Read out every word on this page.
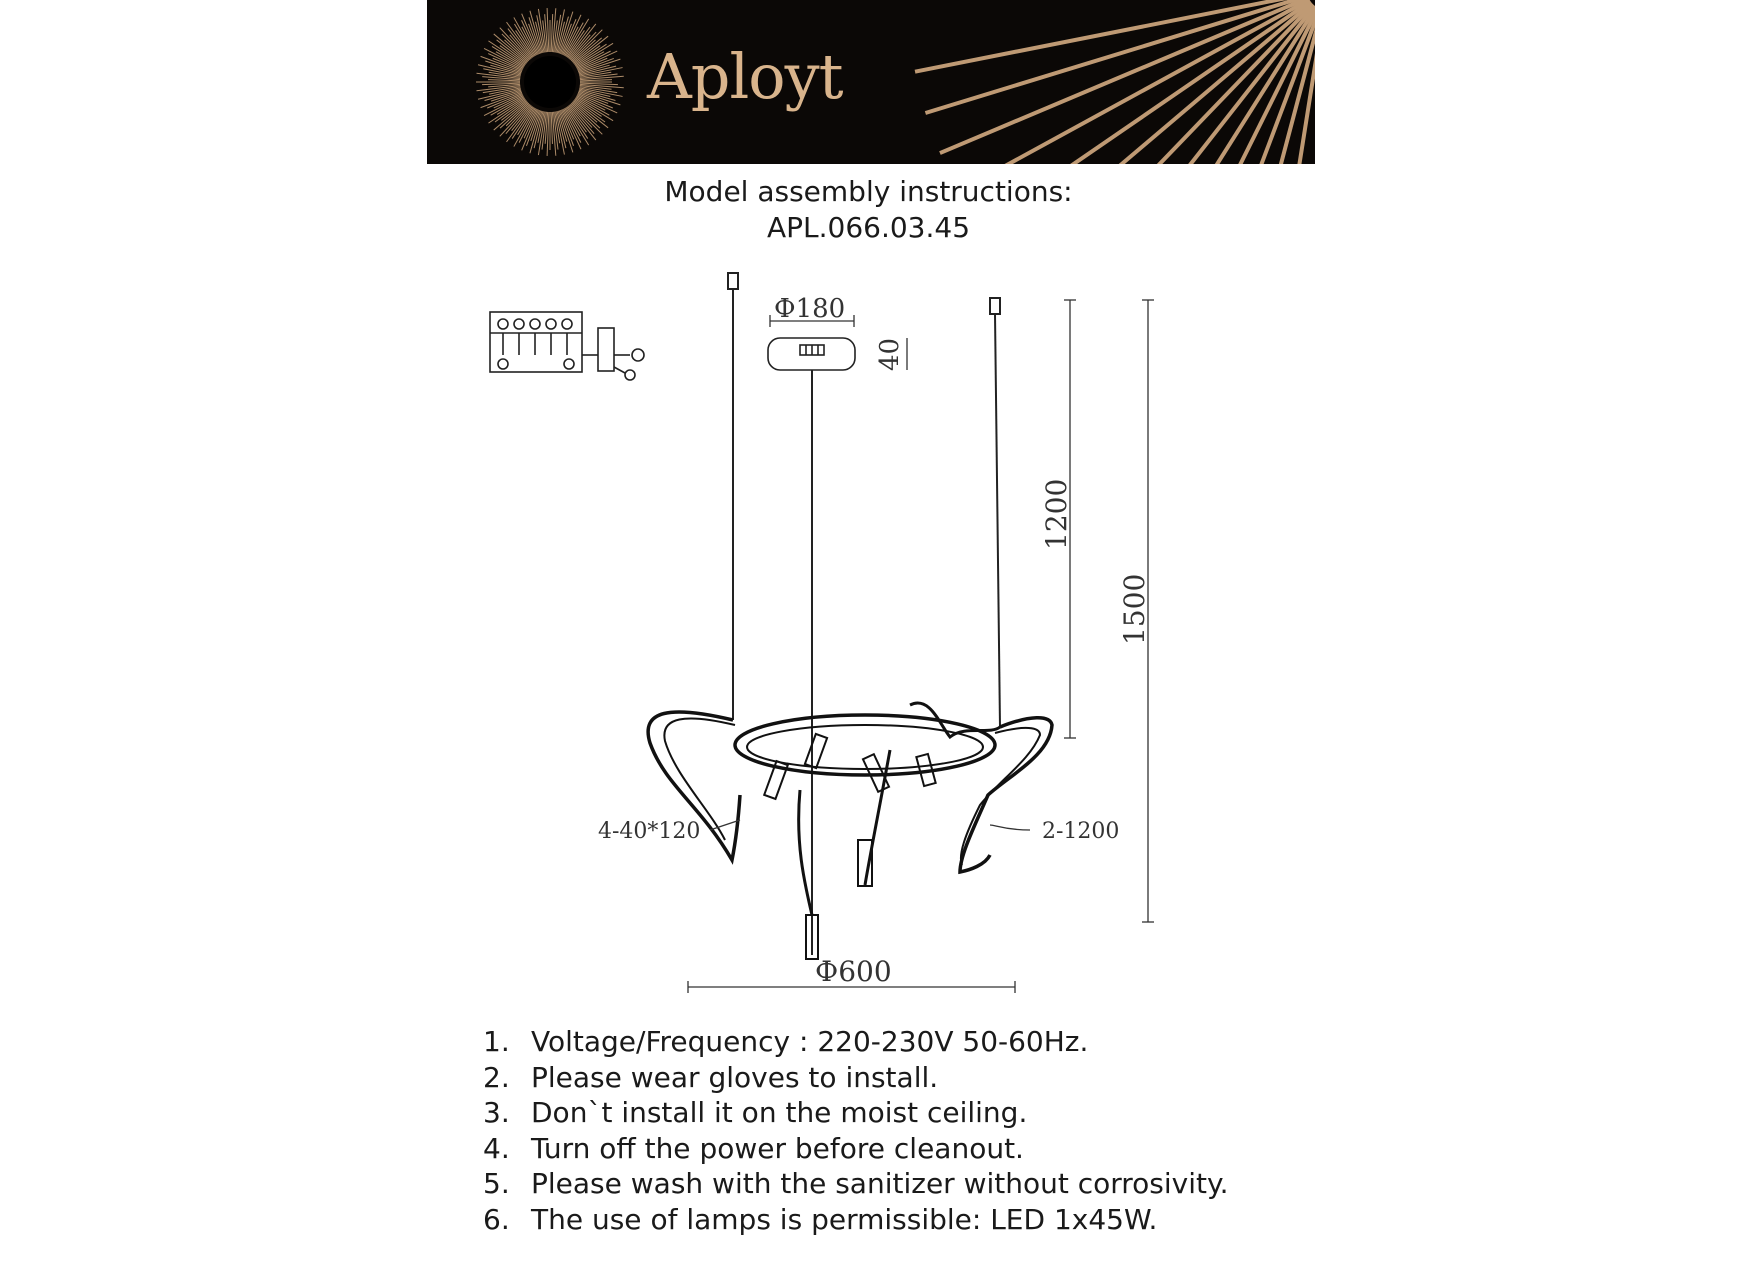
Aployt
Model assembly instructions:
APL.066.03.45
Ф180
40
1200
1500
4-40*120	2-1200
Ф600
1. Voltage/Frequency : 220-230V 50-60Hz.
2. Please wear gloves to install.
3. Don`t install it on the moist ceiling.
4. Turn off the power before cleanout.
5. Please wash with the sanitizer without corrosivity.
6. The use of lamps is permissible: LED 1x45W.
